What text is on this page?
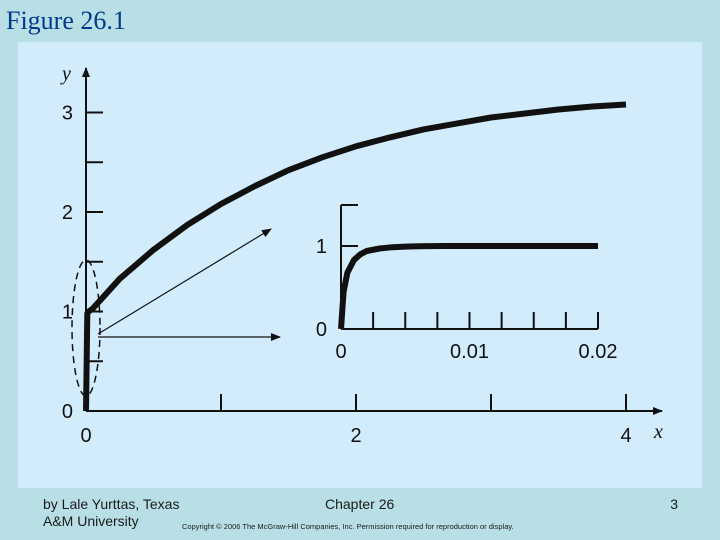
Figure 26.1
0	2	4
0
1
2
3
x
y
0	0.01	0.02
0
1
by Lale Yurttas, Texas
A&M University
Chapter 26	3
Copyright © 2006 The McGraw-Hill Companies, Inc. Permission required for reproduction or display.
